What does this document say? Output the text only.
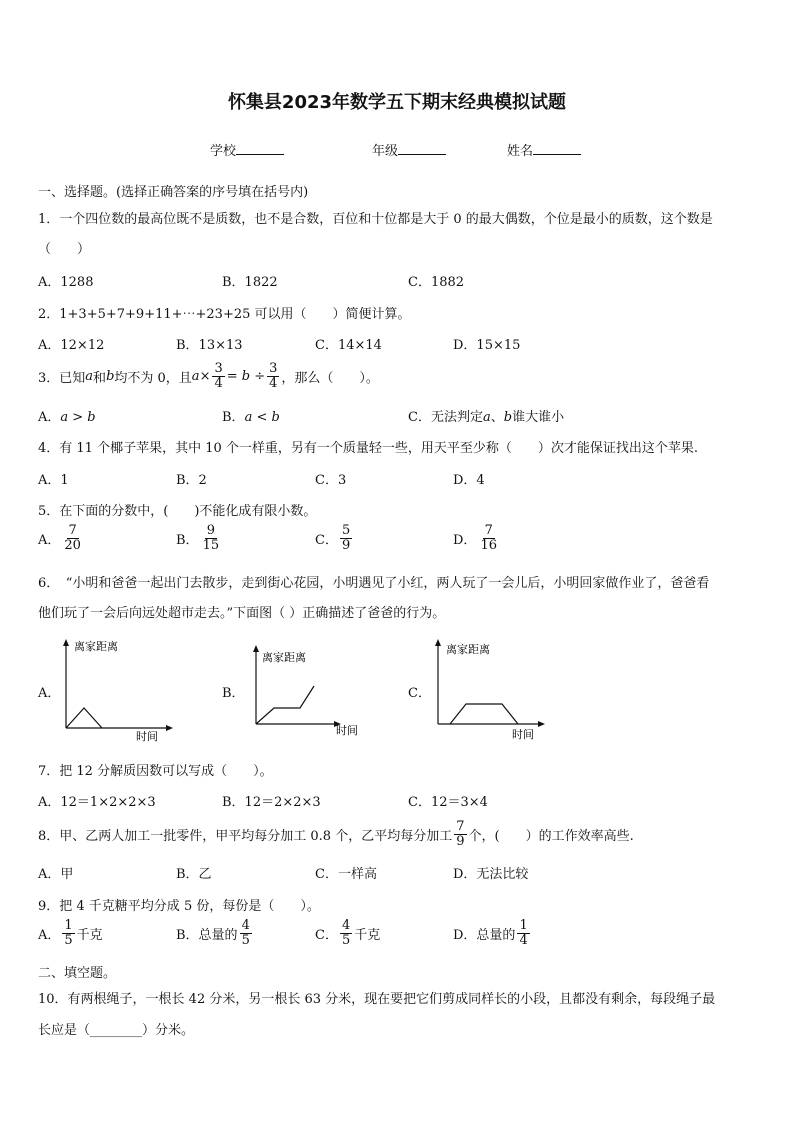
怀集县2023年数学五下期末经典模拟试题
学校	年级	姓名
一、选择题。(选择正确答案的序号填在括号内)
1．一个四位数的最高位既不是质数，也不是合数，百位和十位都是大于 0 的最大偶数，个位是最小的质数，这个数是
（　　）
A．1288	B．1822	C．1882
2．1+3+5+7+9+11+⋯+23+25 可以用（　　）简便计算。
A．12×12	B．13×13	C．14×14	D．15×15
3．已知 a 和 b 均不为 0，且 $a \times \frac{3}{4} = b \div \frac{3}{4}$ ，那么（　　）。
A．a > b	B．a < b	C．无法判定a、b谁大谁小
4．有 11 个椰子苹果，其中 10 个一样重，另有一个质量轻一些，用天平至少称（　　）次才能保证找出这个苹果.
A．1	B．2	C．3	D．4
5．在下面的分数中，(　　)不能化成有限小数。
A． $\frac{7}{20}$	B． $\frac{9}{15}$	C． $\frac{5}{9}$	D． $\frac{7}{16}$
6．　“小明和爸爸一起出门去散步，走到街心花园，小明遇见了小红，两人玩了一会儿后，小明回家做作业了，爸爸看
他们玩了一会后向远处超市走去。”下面图（ ）正确描述了爸爸的行为。
A．	B．	C．
离家距离
时间
离家距离
时间
离家距离
时间
7．把 12 分解质因数可以写成（　　）。
A．12＝1×2×2×3	B．12＝2×2×3	C．12＝3×4
8．甲、乙两人加工一批零件，甲平均每分加工 0.8 个，乙平均每分加工 $\frac{7}{9}$ 个，(　　）的工作效率高些.
A．甲	B．乙	C．一样高	D．无法比较
9．把 4 千克糖平均分成 5 份，每份是（　　）。
A． $\frac{1}{5}$ 千克	B．总量的 $\frac{4}{5}$	C． $\frac{4}{5}$ 千克	D．总量的 $\frac{1}{4}$
二、填空题。
10．有两根绳子，一根长 42 分米，另一根长 63 分米，现在要把它们剪成同样长的小段，且都没有剩余，每段绳子最
长应是（________）分米。
